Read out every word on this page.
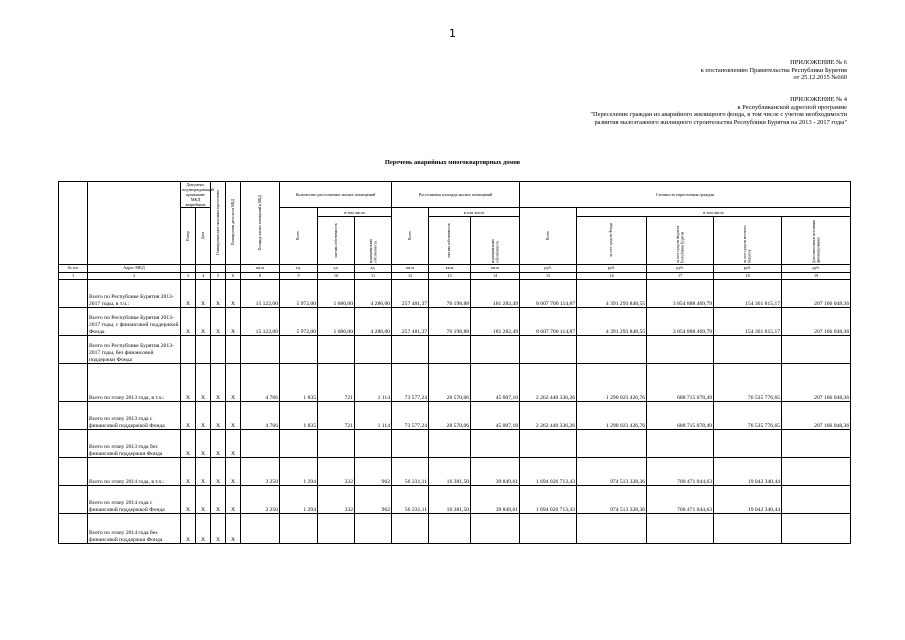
1
ПРИЛОЖЕНИЕ № 6
к постановлению Правительства Республики Бурятия
от 25.12.2015 №660
ПРИЛОЖЕНИЕ № 4
к Республиканской адресной программе
"Переселение граждан из аварийного жилищного фонда, в том числе с учетом необходимости
развития малоэтажного жилищного строительства Республики Бурятия на 2013 - 2017 годы"
Перечень аварийных многоквартирных домов
		Документ, подтверждающий признание МКД аварийным		Планируемая дата окончания переселения	Планируемая дата сноса МКД	Площадь жилых помещений в МКД	Количество расселяемых жилых помещений			Расселяемая площадь жилых помещений			Стоимость переселения граждан				
		Номер	Дата				Всего	в том числе		Всего	в том числе		Всего	в том числе			
								частная собственность	муниципальная собственность		частная собственность	муниципальная собственность		за счет средств Фонда	за счет средств бюджета Республики Бурятия	за счет средств местного бюджета	Дополнительные источники финансирования
№ п/п	Адрес МКД					кв.м	ед.	ед.	ед.	кв.м	кв.м	кв.м	руб.	руб.	руб.	руб.	руб.
1	2	3	4	5	6	8	9	10	11	12	13	14	15	16	17	18	19
	Всего по Республике Бурятия 2013-2017 годы, в т.ч.:	X	X	X	X	15 122,00	5 972,00	1 686,00	4 286,00	257 481,37	76 198,88	181 282,49	8 607 700 114,87	4 391 293 848,55	3 854 888 469,79	154 361 815,17	207 166 048,36
	Всего по Республике Бурятия 2013-2017 годы, с финансовой поддержкой Фонда	X	X	X	X	15 122,00	5 972,00	1 686,00	4 286,00	257 481,37	76 198,88	181 282,49	8 607 700 114,87	4 391 293 848,55	3 854 888 469,79	154 361 815,17	207 166 048,36
	Всего по Республике Бурятия 2013-2017 годы, без финансовой поддержки Фонда																
	Всего по этапу 2013 года, в т.ч.:	X	X	X	X	4 766	1 835	721	1 114	73 577,24	28 570,06	45 007,18	2 262 440 336,26	1 290 023 426,76	688 715 078,49	76 535 776,65	207 166 048,36
	Всего по этапу 2013 года с финансовой поддержкой Фонда	X	X	X	X	4 766	1 835	721	1 114	73 577,24	28 570,06	45 007,18	2 262 440 336,26	1 290 023 426,76	688 715 078,49	76 535 776,65	207 166 048,36
	Всего по этапу 2013 года без финансовой поддержки Фонда	X	X	X	X												
	Всего по этапу 2014 года, в т.ч.:	X	X	X	X	3 250	1 294	332	962	56 231,11	16 381,50	39 849,61	1 694 026 713,43	974 513 328,36	700 471 044,63	19 042 340,44	
	Всего по этапу 2014 года с финансовой поддержкой Фонда	X	X	X	X	3 250	1 294	332	962	56 231,11	16 381,50	39 849,61	1 694 026 713,43	974 513 328,36	700 471 044,63	19 042 340,44	
	Всего по этапу 2014 года без финансовой поддержки Фонда	X	X	X	X												
